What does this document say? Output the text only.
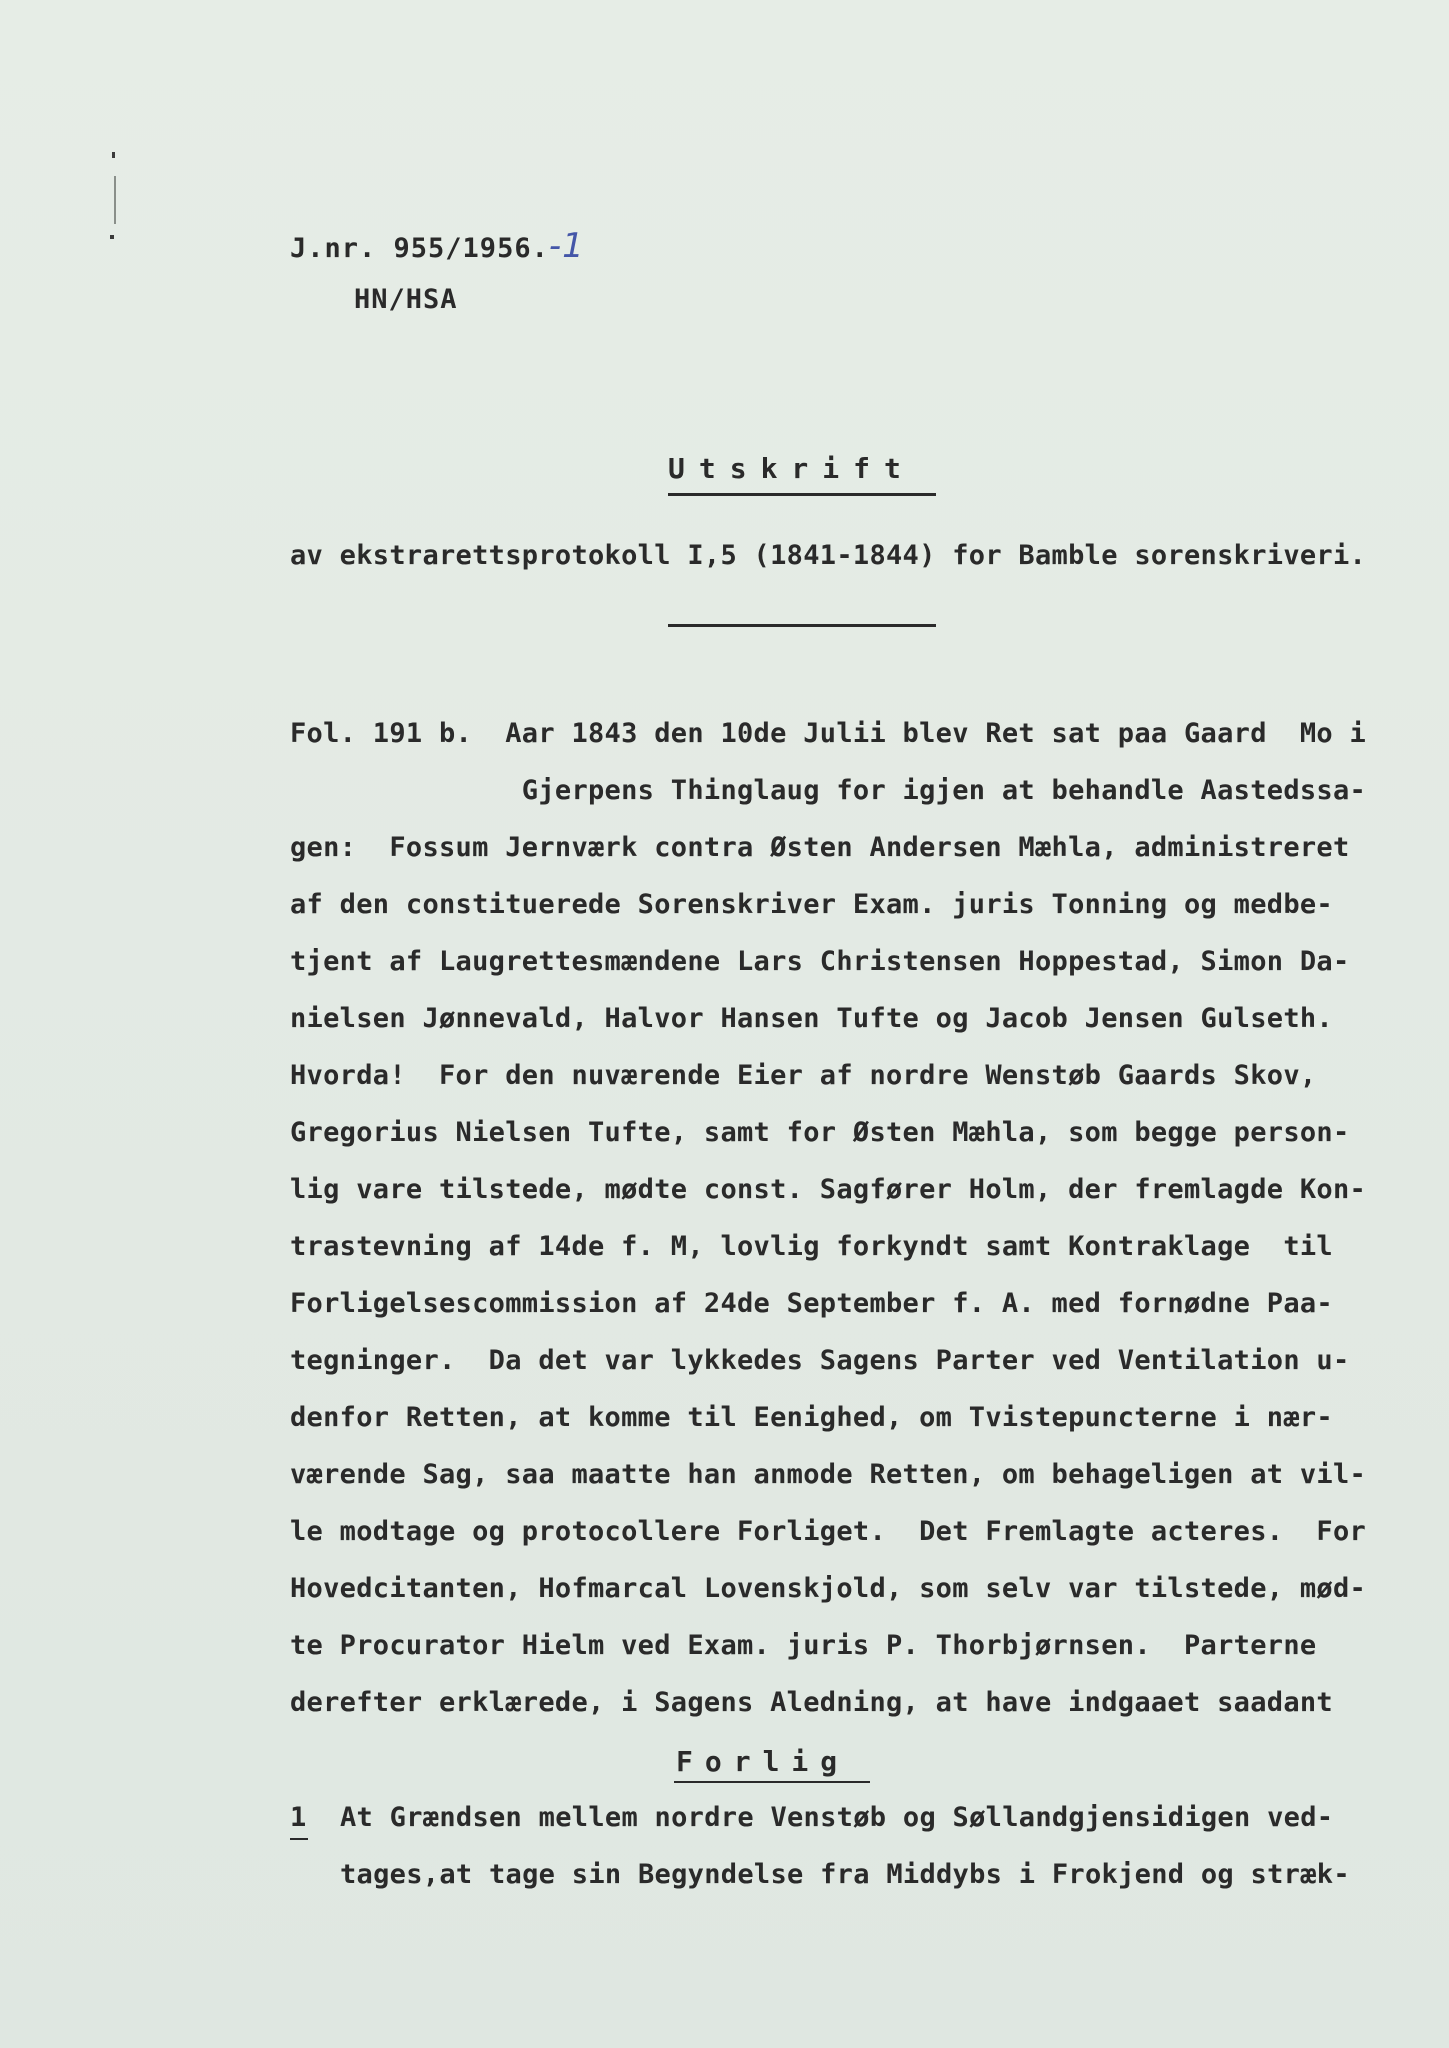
J.nr. 955/1956.-1
HN/HSA
Utskrift
av ekstrarettsprotokoll I,5 (1841-1844) for Bamble sorenskriveri.
Fol. 191 b.  Aar 1843 den 10de Julii blev Ret sat paa Gaard  Mo i
Gjerpens Thinglaug for igjen at behandle Aastedssa-
gen:  Fossum Jernværk contra Østen Andersen Mæhla, administreret
af den constituerede Sorenskriver Exam. juris Tonning og medbe-
tjent af Laugrettesmændene Lars Christensen Hoppestad, Simon Da-
nielsen Jønnevald, Halvor Hansen Tufte og Jacob Jensen Gulseth.
Hvorda!  For den nuværende Eier af nordre Wenstøb Gaards Skov,
Gregorius Nielsen Tufte, samt for Østen Mæhla, som begge person-
lig vare tilstede, mødte const. Sagfører Holm, der fremlagde Kon-
trastevning af 14de f. M, lovlig forkyndt samt Kontraklage  til
Forligelsescommission af 24de September f. A. med fornødne Paa-
tegninger.  Da det var lykkedes Sagens Parter ved Ventilation u-
denfor Retten, at komme til Eenighed, om Tvistepuncterne i nær-
værende Sag, saa maatte han anmode Retten, om behageligen at vil-
le modtage og protocollere Forliget.  Det Fremlagte acteres.  For
Hovedcitanten, Hofmarcal Lovenskjold, som selv var tilstede, mød-
te Procurator Hielm ved Exam. juris P. Thorbjørnsen.  Parterne
derefter erklærede, i Sagens Aledning, at have indgaaet saadant
Forlig
1 At Grændsen mellem nordre Venstøb og Søllandgjensidigen ved-
tages,at tage sin Begyndelse fra Middybs i Frokjend og stræk-
